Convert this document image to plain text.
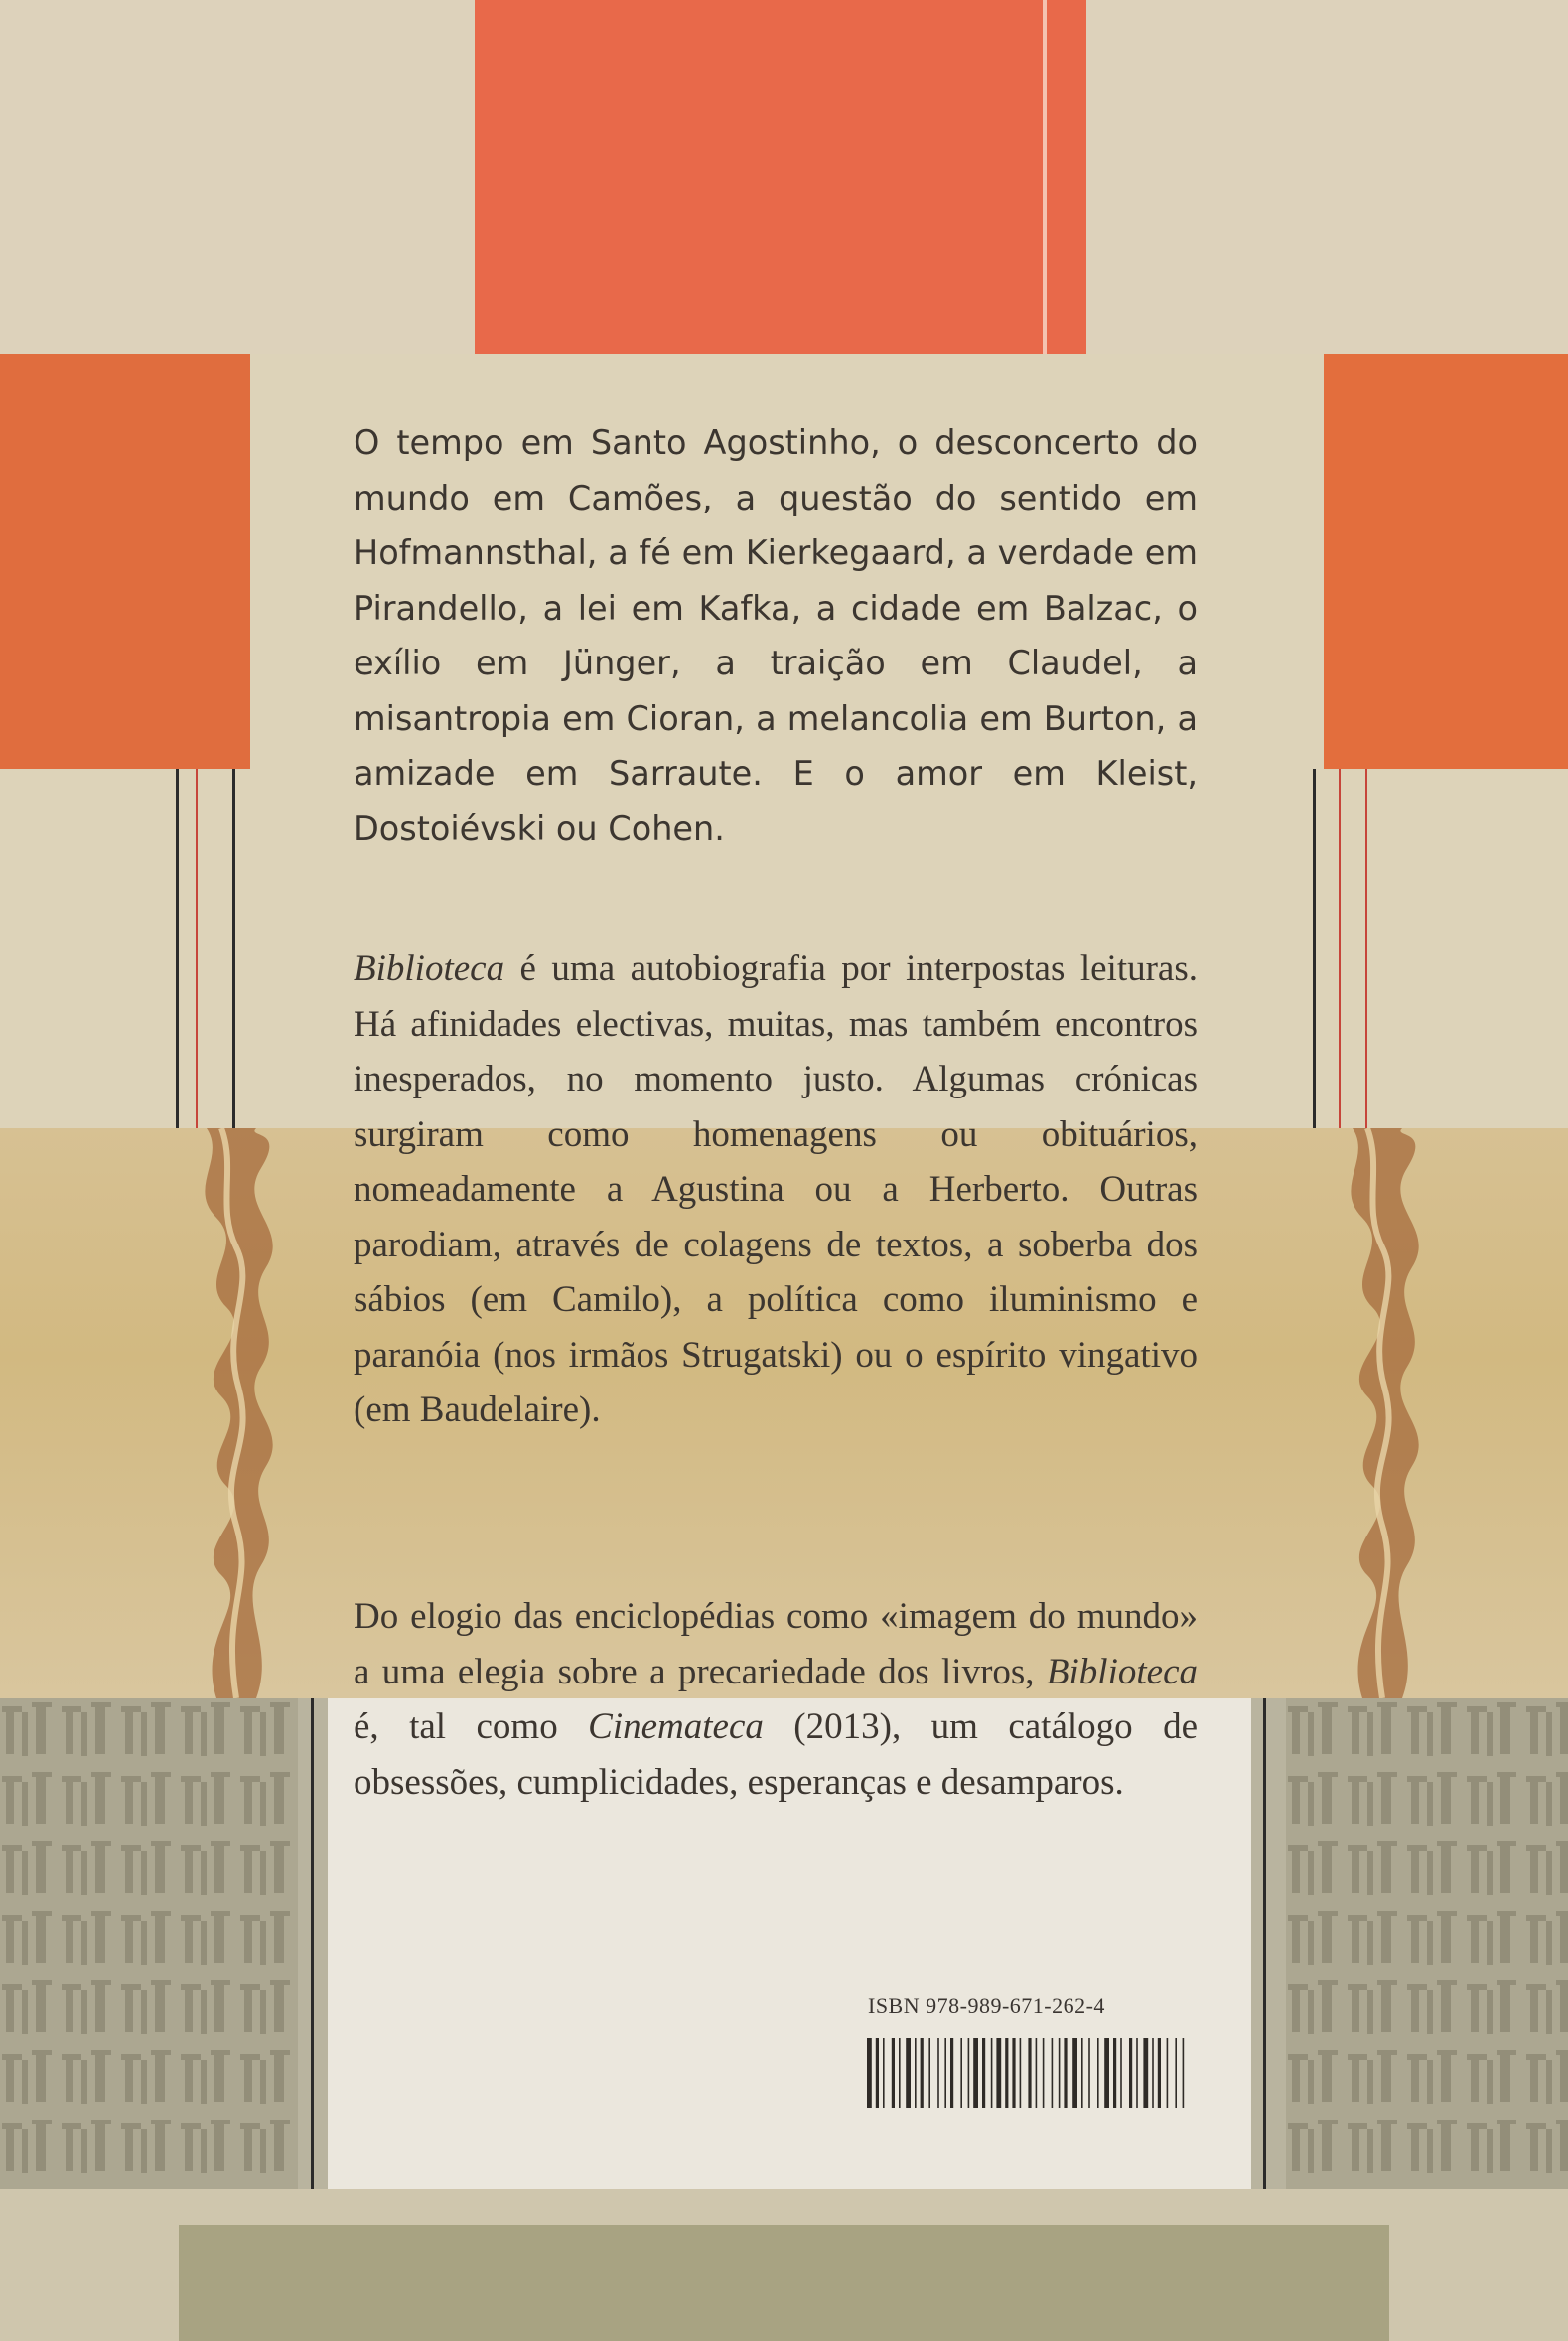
O tempo em Santo Agostinho, o desconcerto do mundo em Camões, a questão do sentido em Hofmannsthal, a fé em Kierkegaard, a verdade em Pirandello, a lei em Kafka, a cidade em Balzac, o exílio em Jünger, a traição em Claudel, a misantropia em Cioran, a melancolia em Burton, a amizade em Sarraute. E o amor em Kleist, Dostoiévski ou Cohen.

Biblioteca é uma autobiografia por interpostas leituras. Há afinidades electivas, muitas, mas também encontros inesperados, no momento justo. Algumas crónicas surgiram como homenagens ou obituários, nomeadamente a Agustina ou a Herberto. Outras parodiam, através de colagens de textos, a soberba dos sábios (em Camilo), a política como iluminismo e paranóia (nos irmãos Strugatski) ou o espírito vingativo (em Baudelaire).

Do elogio das enciclopédias como «imagem do mundo» a uma elegia sobre a precariedade dos livros, Biblioteca é, tal como Cinemateca (2013), um catálogo de obsessões, cumplicidades, esperanças e desamparos.

ISBN 978-989-671-262-4
